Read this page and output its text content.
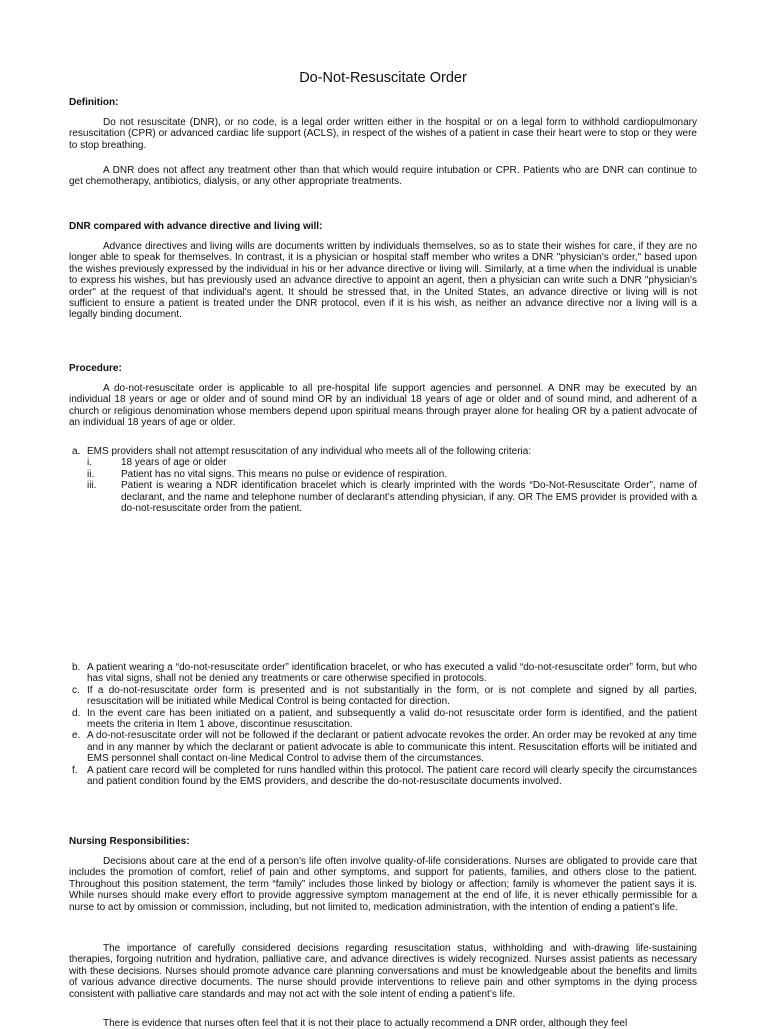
Do-Not-Resuscitate Order
Definition:

Do not resuscitate (DNR), or no code, is a legal order written either in the hospital or on a legal form to withhold cardiopulmonary resuscitation (CPR) or advanced cardiac life support (ACLS), in respect of the wishes of a patient in case their heart were to stop or they were to stop breathing.

A DNR does not affect any treatment other than that which would require intubation or CPR. Patients who are DNR can continue to get chemotherapy, antibiotics, dialysis, or any other appropriate treatments.

DNR compared with advance directive and living will:

Advance directives and living wills are documents written by individuals themselves, so as to state their wishes for care, if they are no longer able to speak for themselves. In contrast, it is a physician or hospital staff member who writes a DNR "physician's order," based upon the wishes previously expressed by the individual in his or her advance directive or living will. Similarly, at a time when the individual is unable to express his wishes, but has previously used an advance directive to appoint an agent, then a physician can write such a DNR "physician's order" at the request of that individual's agent. It should be stressed that, in the United States, an advance directive or living will is not sufficient to ensure a patient is treated under the DNR protocol, even if it is his wish, as neither an advance directive nor a living will is a legally binding document.

Procedure:

A do-not-resuscitate order is applicable to all pre-hospital life support agencies and personnel. A DNR may be executed by an individual 18 years or age or older and of sound mind OR by an individual 18 years of age or older and of sound mind, and adherent of a church or religious denomination whose members depend upon spiritual means through prayer alone for healing OR by a patient advocate of an individual 18 years of age or older.

a. EMS providers shall not attempt resuscitation of any individual who meets all of the following criteria:
i.	18 years of age or older
ii.	Patient has no vital signs. This means no pulse or evidence of respiration.
iii. Patient is wearing a NDR identification bracelet which is clearly imprinted with the words “Do-Not-Resuscitate Order”, name of declarant, and the name and telephone number of declarant’s attending physician, if any. OR The EMS provider is provided with a do-not-resuscitate order from the patient.
b. A patient wearing a “do-not-resuscitate order” identification bracelet, or who has executed a valid “do-not-resuscitate order” form, but who has vital signs, shall not be denied any treatments or care otherwise specified in protocols.
c. If a do-not-resuscitate order form is presented and is not substantially in the form, or is not complete and signed by all parties, resuscitation will be initiated while Medical Control is being contacted for direction.
d. In the event care has been initiated on a patient, and subsequently a valid do-not resuscitate order form is identified, and the patient meets the criteria in Item 1 above, discontinue resuscitation.
e. A do-not-resuscitate order will not be followed if the declarant or patient advocate revokes the order. An order may be revoked at any time and in any manner by which the declarant or patient advocate is able to communicate this intent. Resuscitation efforts will be initiated and EMS personnel shall contact on-line Medical Control to advise them of the circumstances.
f. A patient care record will be completed for runs handled within this protocol. The patient care record will clearly specify the circumstances and patient condition found by the EMS providers, and describe the do-not-resuscitate documents involved.
Nursing Responsibilities:

Decisions about care at the end of a person’s life often involve quality-of-life considerations. Nurses are obligated to provide care that includes the promotion of comfort, relief of pain and other symptoms, and support for patients, families, and others close to the patient. Throughout this position statement, the term “family” includes those linked by biology or affection; family is whomever the patient says it is. While nurses should make every effort to provide aggressive symptom management at the end of life, it is never ethically permissible for a nurse to act by omission or commission, including, but not limited to, medication administration, with the intention of ending a patient’s life.

The importance of carefully considered decisions regarding resuscitation status, withholding and with-drawing life-sustaining therapies, forgoing nutrition and hydration, palliative care, and advance directives is widely recognized. Nurses assist patients as necessary with these decisions. Nurses should promote advance care planning conversations and must be knowledgeable about the benefits and limits of various advance directive documents. The nurse should provide interventions to relieve pain and other symptoms in the dying process consistent with palliative care standards and may not act with the sole intent of ending a patient’s life.

There is evidence that nurses often feel that it is not their place to actually recommend a DNR order, although they feel
